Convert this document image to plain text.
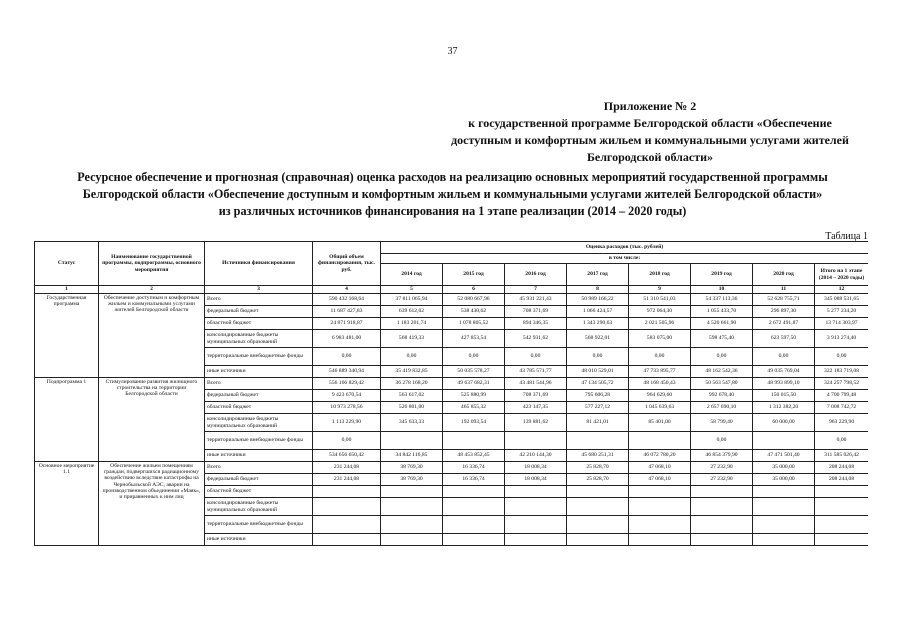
37
Приложение № 2
к государственной программе Белгородской области «Обеспечение
доступным и комфортным жильем и коммунальными услугами жителей
Белгородской области»
Ресурсное обеспечение и прогнозная (справочная) оценка расходов на реализацию основных мероприятий государственной программы
Белгородской области «Обеспечение доступным и комфортным жильем и коммунальными услугами жителей Белгородской области»
из различных источников финансирования на 1 этапе реализации (2014 – 2020 годы)
Таблица 1
Статус	Наименование государственной программы, подпрограммы, основного мероприятия	Источники финансирования	Общий объем финансирования, тыс. руб.	Оценка расходов (тыс. рублей)							
				в том числе:							
				2014 год	2015 год	2016 год	2017 год	2018 год	2019 год	2020 год	Итого на 1 этапе (2014 – 2020 годы)
1	2	3	4	5	6	7	8	9	10	11	12
Государственная программа	Обеспечение доступным и комфортным жильем и коммунальными услугами жителей Белгородской области	Всего	590 432 168,64	37 811 065,94	52 080 667,96	45 931 221,43	50 989 166,22	51 310 541,03	54 337 113,36	52 628 755,71	345 088 531,65
		федеральный бюджет	11 687 427,83	639 612,02	538 430,62	708 371,69	1 066 424,57	972 064,30	1 055 433,70	296 897,30	5 277 234,20
		областной бюджет	24 871 918,87	1 183 201,74	1 078 805,52	894 346,35	1 343 290,63	2 021 505,96	4 520 661,90	2 672 491,87	13 714 303,97
		консолидированные бюджеты муниципальных образований	6 983 481,00	568 419,33	427 853,54	542 931,62	568 922,01	583 075,00	598 475,40	623 597,50	3 913 274,40
		территориальные внебюджетные фонды	0,00	0,00	0,00	0,00	0,00	0,00	0,00	0,00	0,00
		иные источники	546 889 340,94	35 419 832,85	50 035 578,27	43 785 571,77	48 010 529,01	47 733 895,77	48 162 542,36	49 035 769,04	322 183 719,08
Подпрограмма 1	Стимулирование развития жилищного строительства на территории Белгородской области	Всего	556 166 829,42	36 278 168,20	49 637 682,31	43 481 544,96	47 134 505,72	48 168 450,43	50 563 547,80	48 993 899,10	324 257 798,52
		федеральный бюджет	9 423 670,54	563 617,02	525 880,99	708 371,69	795 606,28	964 629,60	992 678,40	150 015,50	4 700 799,48
		областной бюджет	10 973 278,56	526 801,00	465 855,32	423 147,35	577 227,12	1 045 639,63	2 657 690,10	1 312 382,20	7 008 742,72
		консолидированные бюджеты муниципальных образований	1 113 229,90	345 633,33	192 093,54	139 881,62	81 421,01	85 401,00	58 799,40	60 000,00	963 229,90
		территориальные внебюджетные фонды	0,00						0,00		0,00
		иные источники	534 656 650,42	34 842 116,85	48 453 852,45	42 210 144,30	45 680 251,31	46 072 780,20	46 854 379,90	47 471 501,40	311 585 026,42
Основное мероприятие 1.1	Обеспечение жильем помещениям граждан, подвергшихся радиационному воздействию вследствие катастрофы на Чернобыльской АЭС, аварии на производственном объединении «Маяк», и приравненных к ним лиц	Всего	231 244,08	38 769,30	16 336,74	18 008,34	25 828,70	47 068,10	27 232,90	35 000,00	208 244,08
		федеральный бюджет	231 244,08	38 769,30	16 336,74	18 008,34	25 828,70	47 068,10	27 232,90	35 000,00	208 244,08
		областной бюджет									
		консолидированные бюджеты муниципальных образований									
		территориальные внебюджетные фонды									
		иные источники									
